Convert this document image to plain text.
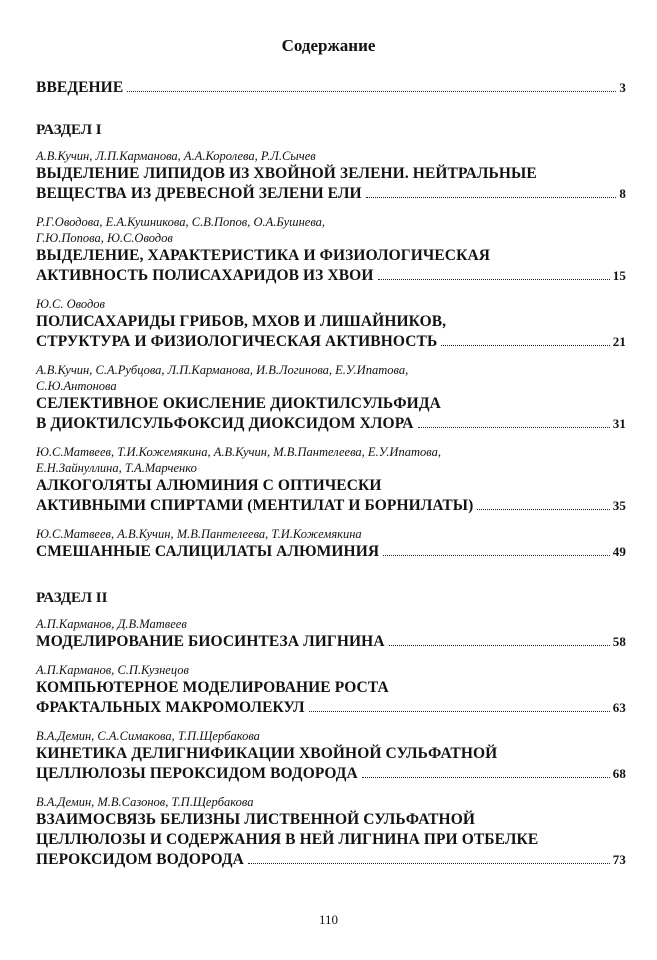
Содержание
ВВЕДЕНИЕ	3
РАЗДЕЛ I
А.В.Кучин, Л.П.Карманова, А.А.Королева, Р.Л.Сычев
ВЫДЕЛЕНИЕ ЛИПИДОВ ИЗ ХВОЙНОЙ ЗЕЛЕНИ. НЕЙТРАЛЬНЫЕ
ВЕЩЕСТВА ИЗ ДРЕВЕСНОЙ ЗЕЛЕНИ ЕЛИ	8
Р.Г.Оводова, Е.А.Кушникова, С.В.Попов, О.А.Бушнева,
Г.Ю.Попова, Ю.С.Оводов
ВЫДЕЛЕНИЕ, ХАРАКТЕРИСТИКА И ФИЗИОЛОГИЧЕСКАЯ
АКТИВНОСТЬ ПОЛИСАХАРИДОВ ИЗ ХВОИ	15
Ю.С. Оводов
ПОЛИСАХАРИДЫ ГРИБОВ, МХОВ И ЛИШАЙНИКОВ,
СТРУКТУРА И ФИЗИОЛОГИЧЕСКАЯ АКТИВНОСТЬ	21
А.В.Кучин, С.А.Рубцова, Л.П.Карманова, И.В.Логинова, Е.У.Ипатова,
С.Ю.Антонова
СЕЛЕКТИВНОЕ ОКИСЛЕНИЕ ДИОКТИЛСУЛЬФИДА
В ДИОКТИЛСУЛЬФОКСИД ДИОКСИДОМ ХЛОРА	31
Ю.С.Матвеев, Т.И.Кожемякина, А.В.Кучин, М.В.Пантелеева, Е.У.Ипатова,
Е.Н.Зайнуллина, Т.А.Марченко
АЛКОГОЛЯТЫ АЛЮМИНИЯ С ОПТИЧЕСКИ
АКТИВНЫМИ СПИРТАМИ (МЕНТИЛАТ И БОРНИЛАТЫ)	35
Ю.С.Матвеев, А.В.Кучин, М.В.Пантелеева, Т.И.Кожемякина
СМЕШАННЫЕ САЛИЦИЛАТЫ АЛЮМИНИЯ	49
РАЗДЕЛ II
А.П.Карманов, Д.В.Матвеев
МОДЕЛИРОВАНИЕ БИОСИНТЕЗА ЛИГНИНА	58
А.П.Карманов, С.П.Кузнецов
КОМПЬЮТЕРНОЕ МОДЕЛИРОВАНИЕ РОСТА
ФРАКТАЛЬНЫХ МАКРОМОЛЕКУЛ	63
В.А.Демин, С.А.Симакова, Т.П.Щербакова
КИНЕТИКА ДЕЛИГНИФИКАЦИИ ХВОЙНОЙ СУЛЬФАТНОЙ
ЦЕЛЛЮЛОЗЫ ПЕРОКСИДОМ ВОДОРОДА	68
В.А.Демин, М.В.Сазонов, Т.П.Щербакова
ВЗАИМОСВЯЗЬ БЕЛИЗНЫ ЛИСТВЕННОЙ СУЛЬФАТНОЙ
ЦЕЛЛЮЛОЗЫ И СОДЕРЖАНИЯ В НЕЙ ЛИГНИНА ПРИ ОТБЕЛКЕ
ПЕРОКСИДОМ ВОДОРОДА	73
110
